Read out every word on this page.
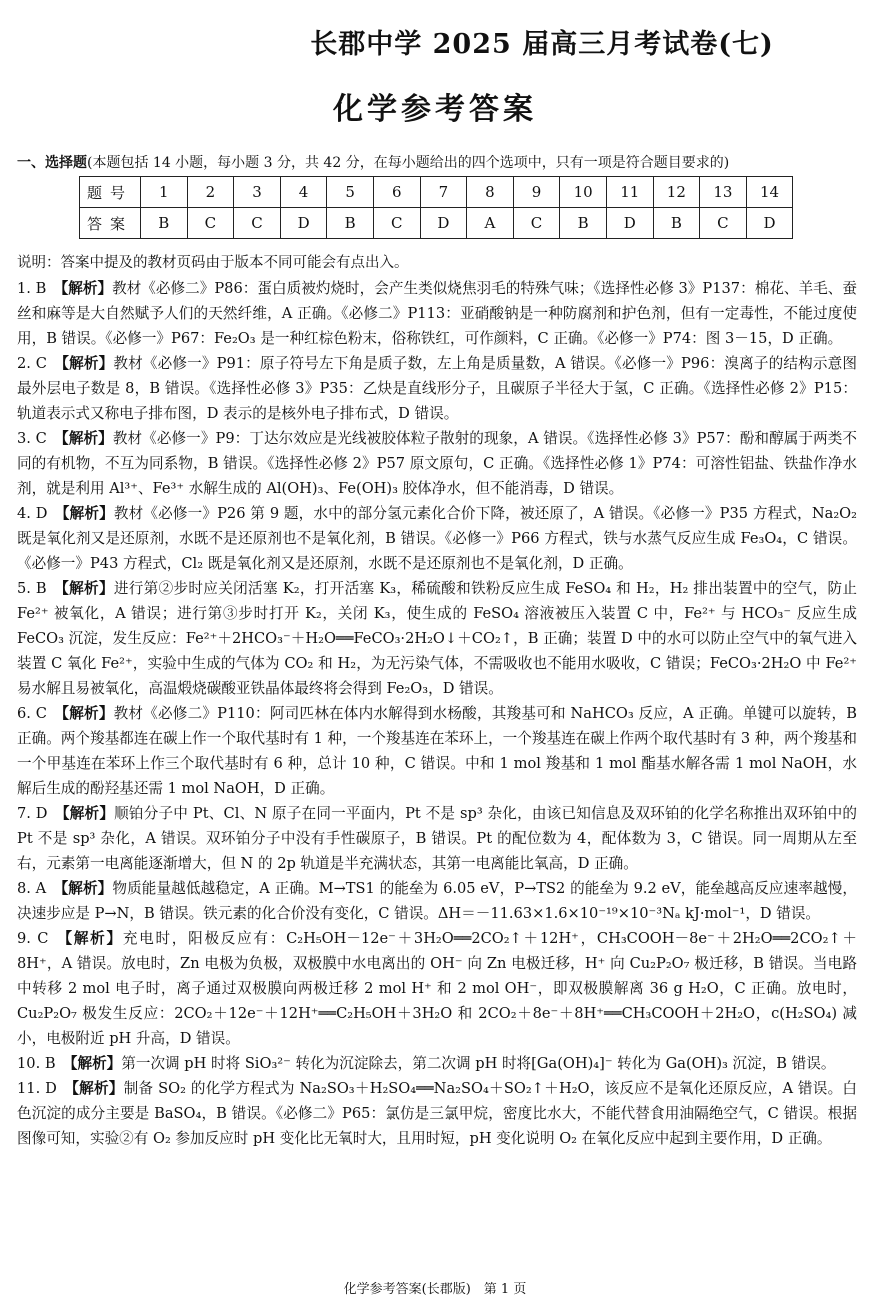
长郡中学 2025 届高三月考试卷(七)
化学参考答案
一、选择题(本题包括 14 小题，每小题 3 分，共 42 分，在每小题给出的四个选项中，只有一项是符合题目要求的)
题号	1	2	3	4	5	6	7	8	9	10	11	12	13	14
答案	B	C	C	D	B	C	D	A	C	B	D	B	C	D
说明：答案中提及的教材页码由于版本不同可能会有点出入。

1. B  【解析】教材《必修二》P86：蛋白质被灼烧时，会产生类似烧焦羽毛的特殊气味；《选择性必修 3》P137：棉花、羊毛、蚕丝和麻等是大自然赋予人们的天然纤维，A 正确。《必修二》P113：亚硝酸钠是一种防腐剂和护色剂，但有一定毒性，不能过度使用，B 错误。《必修一》P67：Fe₂O₃ 是一种红棕色粉末，俗称铁红，可作颜料，C 正确。《必修一》P74：图 3－15，D 正确。

2. C  【解析】教材《必修一》P91：原子符号左下角是质子数，左上角是质量数，A 错误。《必修一》P96：溴离子的结构示意图最外层电子数是 8，B 错误。《选择性必修 3》P35：乙炔是直线形分子，且碳原子半径大于氢，C 正确。《选择性必修 2》P15：轨道表示式又称电子排布图，D 表示的是核外电子排布式，D 错误。

3. C  【解析】教材《必修一》P9：丁达尔效应是光线被胶体粒子散射的现象，A 错误。《选择性必修 3》P57：酚和醇属于两类不同的有机物，不互为同系物，B 错误。《选择性必修 2》P57 原文原句，C 正确。《选择性必修 1》P74：可溶性铝盐、铁盐作净水剂，就是利用 Al³⁺、Fe³⁺ 水解生成的 Al(OH)₃、Fe(OH)₃ 胶体净水，但不能消毒，D 错误。

4. D  【解析】教材《必修一》P26 第 9 题，水中的部分氢元素化合价下降，被还原了，A 错误。《必修一》P35 方程式，Na₂O₂ 既是氧化剂又是还原剂，水既不是还原剂也不是氧化剂，B 错误。《必修一》P66 方程式，铁与水蒸气反应生成 Fe₃O₄，C 错误。《必修一》P43 方程式，Cl₂ 既是氧化剂又是还原剂，水既不是还原剂也不是氧化剂，D 正确。

5. B  【解析】进行第②步时应关闭活塞 K₂，打开活塞 K₃，稀硫酸和铁粉反应生成 FeSO₄ 和 H₂，H₂ 排出装置中的空气，防止 Fe²⁺ 被氧化，A 错误；进行第③步时打开 K₂，关闭 K₃，使生成的 FeSO₄ 溶液被压入装置 C 中，Fe²⁺ 与 HCO₃⁻ 反应生成 FeCO₃ 沉淀，发生反应：Fe²⁺＋2HCO₃⁻＋H₂O══FeCO₃·2H₂O↓＋CO₂↑，B 正确；装置 D 中的水可以防止空气中的氧气进入装置 C 氧化 Fe²⁺，实验中生成的气体为 CO₂ 和 H₂，为无污染气体，不需吸收也不能用水吸收，C 错误；FeCO₃·2H₂O 中 Fe²⁺ 易水解且易被氧化，高温煅烧碳酸亚铁晶体最终将会得到 Fe₂O₃，D 错误。

6. C  【解析】教材《必修二》P110：阿司匹林在体内水解得到水杨酸，其羧基可和 NaHCO₃ 反应，A 正确。单键可以旋转，B 正确。两个羧基都连在碳上作一个取代基时有 1 种，一个羧基连在苯环上，一个羧基连在碳上作两个取代基时有 3 种，两个羧基和一个甲基连在苯环上作三个取代基时有 6 种，总计 10 种，C 错误。中和 1 mol 羧基和 1 mol 酯基水解各需 1 mol NaOH，水解后生成的酚羟基还需 1 mol NaOH，D 正确。

7. D  【解析】顺铂分子中 Pt、Cl、N 原子在同一平面内，Pt 不是 sp³ 杂化，由该已知信息及双环铂的化学名称推出双环铂中的 Pt 不是 sp³ 杂化，A 错误。双环铂分子中没有手性碳原子，B 错误。Pt 的配位数为 4，配体数为 3，C 错误。同一周期从左至右，元素第一电离能逐渐增大，但 N 的 2p 轨道是半充满状态，其第一电离能比氧高，D 正确。

8. A  【解析】物质能量越低越稳定，A 正确。M→TS1 的能垒为 6.05 eV，P→TS2 的能垒为 9.2 eV，能垒越高反应速率越慢，决速步应是 P→N，B 错误。铁元素的化合价没有变化，C 错误。ΔH＝－11.63×1.6×10⁻¹⁹×10⁻³Nₐ kJ·mol⁻¹，D 错误。

9. C  【解析】充电时，阳极反应有：C₂H₅OH－12e⁻＋3H₂O══2CO₂↑＋12H⁺，CH₃COOH－8e⁻＋2H₂O══2CO₂↑＋8H⁺，A 错误。放电时，Zn 电极为负极，双极膜中水电离出的 OH⁻ 向 Zn 电极迁移，H⁺ 向 Cu₂P₂O₇ 极迁移，B 错误。当电路中转移 2 mol 电子时，离子通过双极膜向两极迁移 2 mol H⁺ 和 2 mol OH⁻，即双极膜解离 36 g H₂O，C 正确。放电时，Cu₂P₂O₇ 极发生反应：2CO₂＋12e⁻＋12H⁺══C₂H₅OH＋3H₂O 和 2CO₂＋8e⁻＋8H⁺══CH₃COOH＋2H₂O，c(H₂SO₄) 减小，电极附近 pH 升高，D 错误。

10. B  【解析】第一次调 pH 时将 SiO₃²⁻ 转化为沉淀除去，第二次调 pH 时将[Ga(OH)₄]⁻ 转化为 Ga(OH)₃ 沉淀，B 错误。

11. D  【解析】制备 SO₂ 的化学方程式为 Na₂SO₃＋H₂SO₄══Na₂SO₄＋SO₂↑＋H₂O，该反应不是氧化还原反应，A 错误。白色沉淀的成分主要是 BaSO₄，B 错误。《必修二》P65：氯仿是三氯甲烷，密度比水大，不能代替食用油隔绝空气，C 错误。根据图像可知，实验②有 O₂ 参加反应时 pH 变化比无氧时大，且用时短，pH 变化说明 O₂ 在氧化反应中起到主要作用，D 正确。

化学参考答案(长郡版)　第 1 页
